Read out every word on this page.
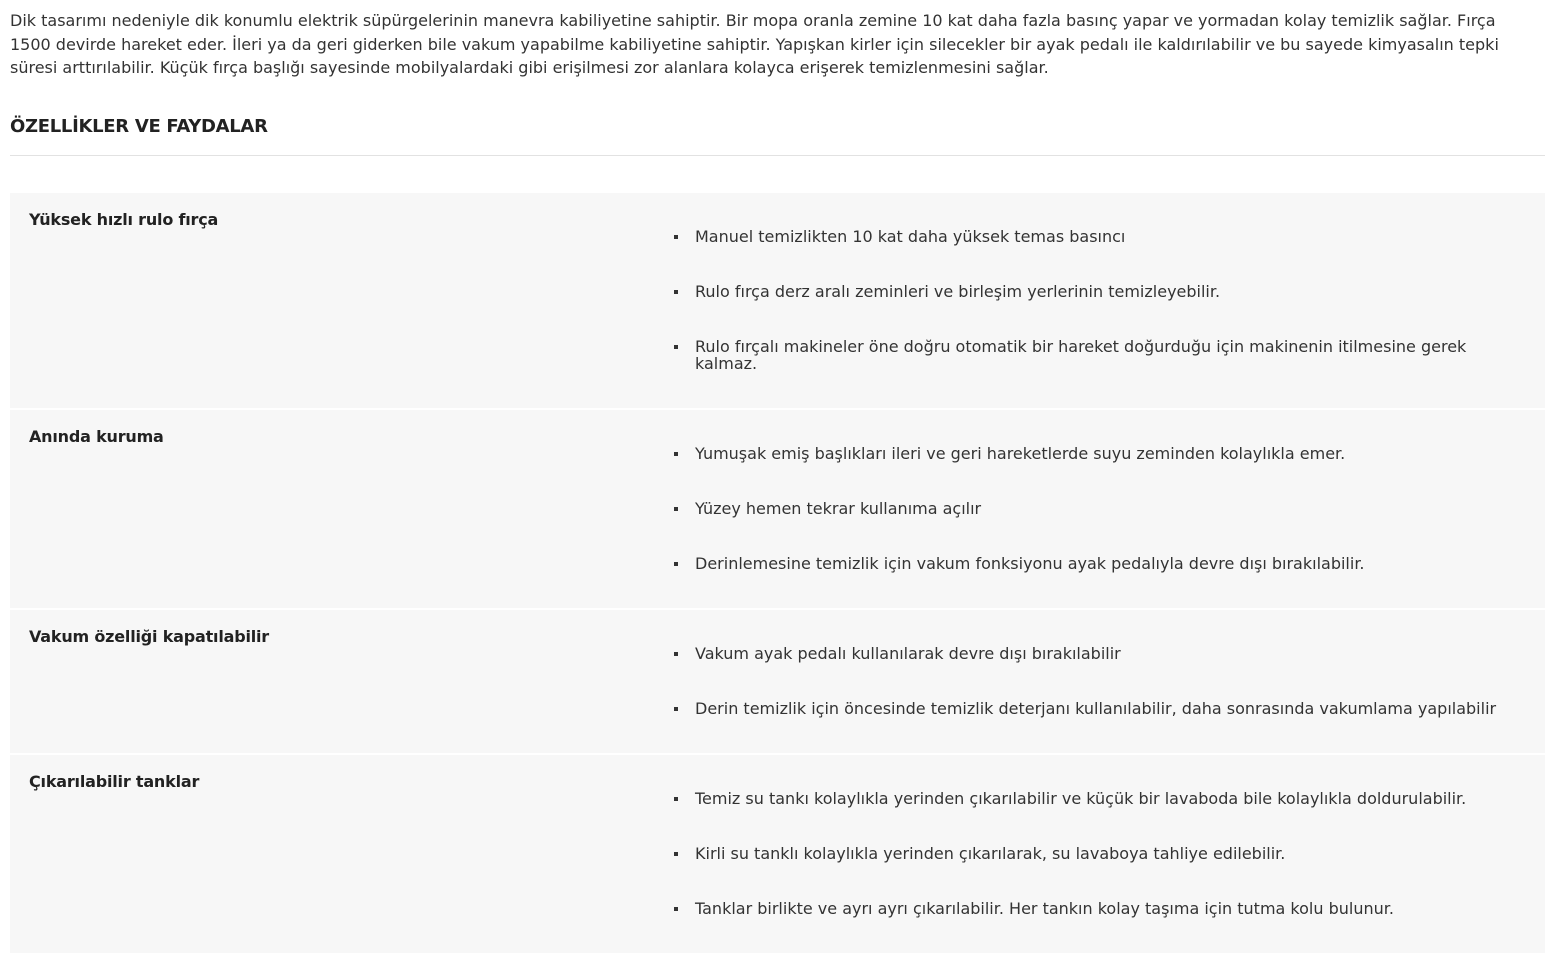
Dik tasarımı nedeniyle dik konumlu elektrik süpürgelerinin manevra kabiliyetine sahiptir. Bir mopa oranla zemine 10 kat daha fazla basınç yapar ve yormadan kolay temizlik sağlar. Fırça 1500 devirde hareket eder. İleri ya da geri giderken bile vakum yapabilme kabiliyetine sahiptir. Yapışkan kirler için silecekler bir ayak pedalı ile kaldırılabilir ve bu sayede kimyasalın tepki süresi arttırılabilir. Küçük fırça başlığı sayesinde mobilyalardaki gibi erişilmesi zor alanlara kolayca erişerek temizlenmesini sağlar.

ÖZELLİKLER VE FAYDALAR
Yüksek hızlı rulo fırça
Manuel temizlikten 10 kat daha yüksek temas basıncı
Rulo fırça derz aralı zeminleri ve birleşim yerlerinin temizleyebilir.
Rulo fırçalı makineler öne doğru otomatik bir hareket doğurduğu için makinenin itilmesine gerek kalmaz.
Anında kuruma
Yumuşak emiş başlıkları ileri ve geri hareketlerde suyu zeminden kolaylıkla emer.
Yüzey hemen tekrar kullanıma açılır
Derinlemesine temizlik için vakum fonksiyonu ayak pedalıyla devre dışı bırakılabilir.
Vakum özelliği kapatılabilir
Vakum ayak pedalı kullanılarak devre dışı bırakılabilir
Derin temizlik için öncesinde temizlik deterjanı kullanılabilir, daha sonrasında vakumlama yapılabilir
Çıkarılabilir tanklar
Temiz su tankı kolaylıkla yerinden çıkarılabilir ve küçük bir lavaboda bile kolaylıkla doldurulabilir.
Kirli su tanklı kolaylıkla yerinden çıkarılarak, su lavaboya tahliye edilebilir.
Tanklar birlikte ve ayrı ayrı çıkarılabilir. Her tankın kolay taşıma için tutma kolu bulunur.
